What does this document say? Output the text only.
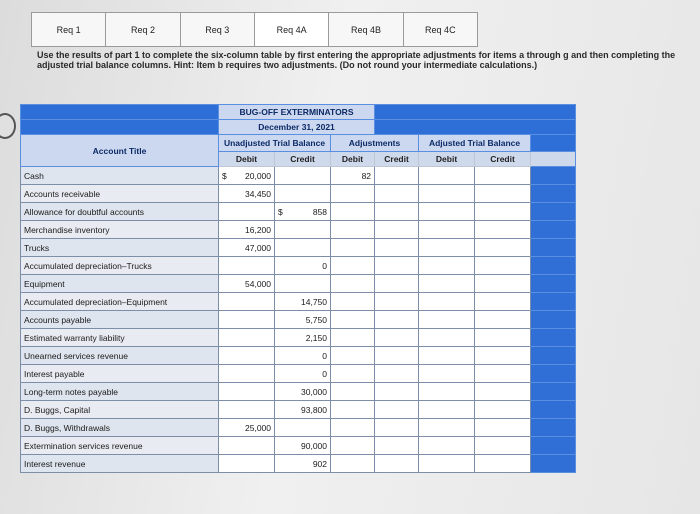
Req 1	Req 2	Req 3	Req 4A	Req 4B	Req 4C
Use the results of part 1 to complete the six-column table by first entering the appropriate adjustments for items a through g and then completing the adjusted trial balance columns. Hint: Item b requires two adjustments. (Do not round your intermediate calculations.)
	BUG-OFF EXTERMINATORS						
	December 31, 2021						
Account Title	Unadjusted Trial Balance		Adjustments		Adjusted Trial Balance		
	Debit	Credit	Debit	Credit	Debit	Credit	
Cash	$ 20,000		82				
Accounts receivable	34,450	

Allowance for doubtful accounts		$ 858					
Merchandise inventory	16,200	

Trucks	47,000	

Accumulated depreciation–Trucks		0					
Equipment	54,000	

Accumulated depreciation–Equipment		14,750					
Accounts payable		5,750					
Estimated warranty liability		2,150					
Unearned services revenue		0					
Interest payable		0					
Long-term notes payable		30,000					
D. Buggs, Capital		93,800					
D. Buggs, Withdrawals	25,000	

Extermination services revenue		90,000					
Interest revenue		902					
